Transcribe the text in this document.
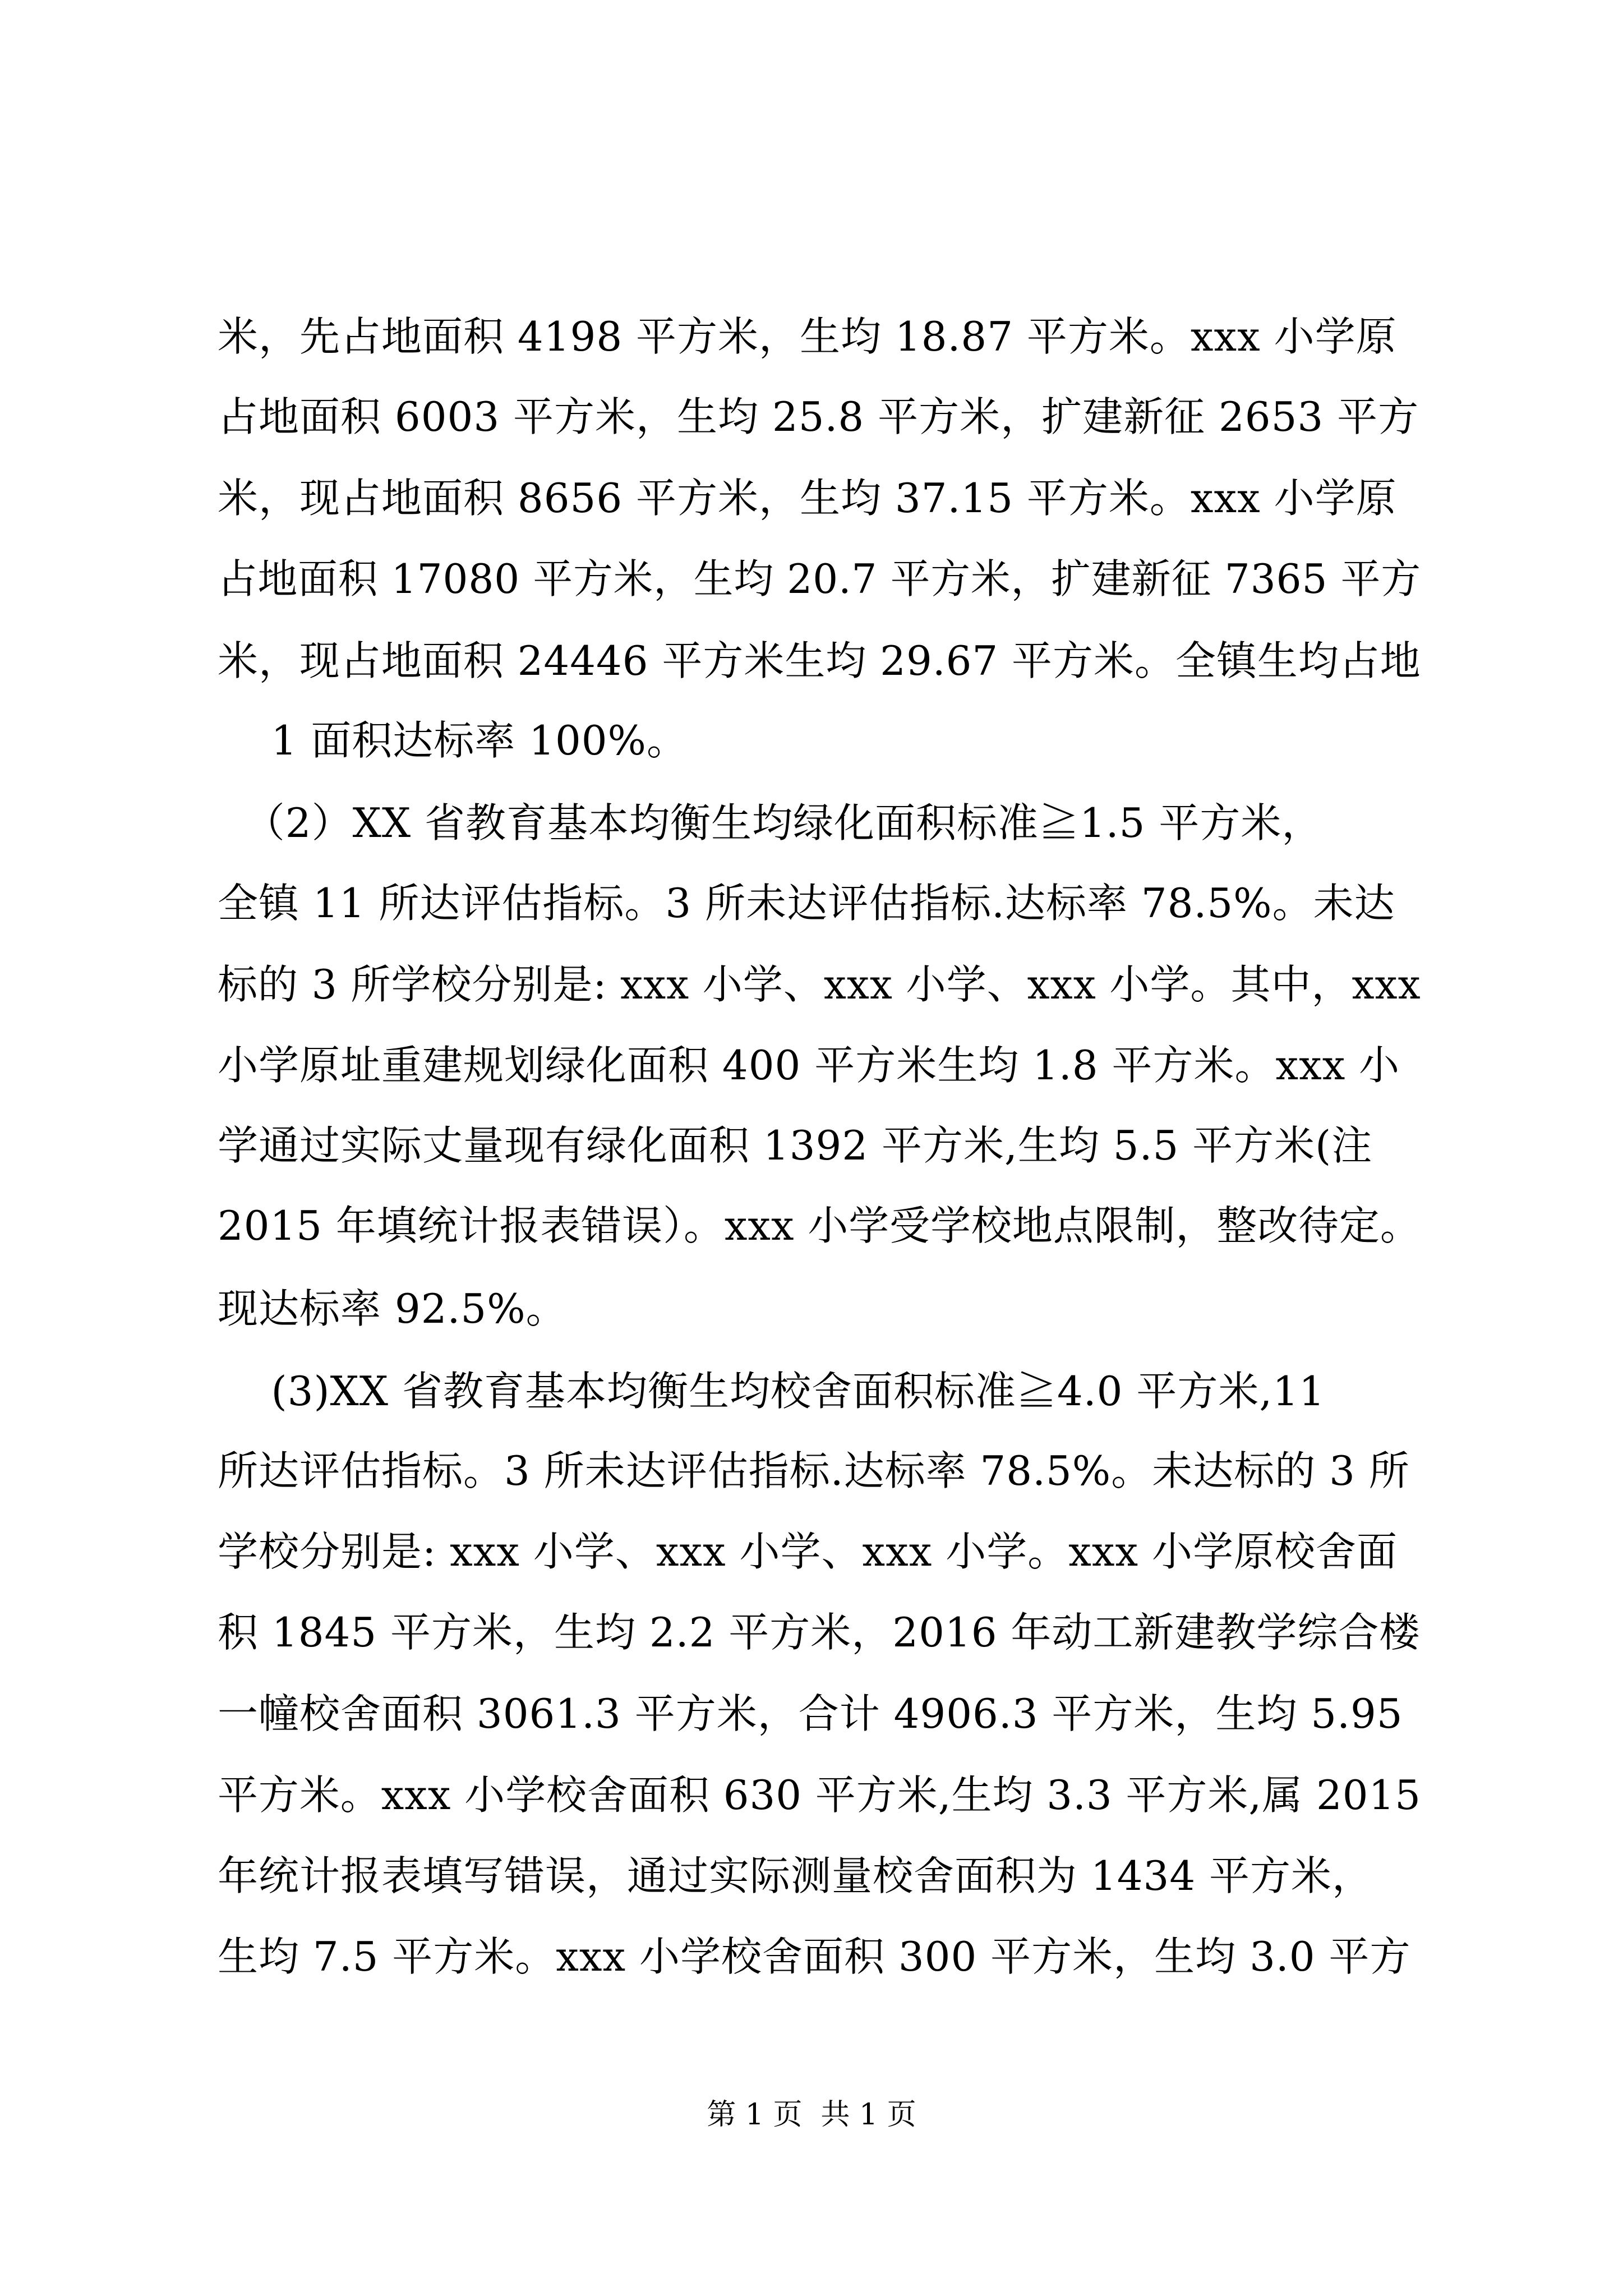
米，先占地面积 4198 平方米，生均 18.87 平方米。xxx 小学原
占地面积 6003 平方米，生均 25.8 平方米，扩建新征 2653 平方
米，现占地面积 8656 平方米，生均 37.15 平方米。xxx 小学原
占地面积 17080 平方米，生均 20.7 平方米，扩建新征 7365 平方
米，现占地面积 24446 平方米生均 29.67 平方米。全镇生均占地
1 面积达标率 100%。
（2）XX 省教育基本均衡生均绿化面积标准≧1.5 平方米，
全镇 11 所达评估指标。3 所未达评估指标.达标率 78.5%。未达
标的 3 所学校分别是: xxx 小学、xxx 小学、xxx 小学。其中，xxx
小学原址重建规划绿化面积 400 平方米生均 1.8 平方米。xxx 小
学通过实际丈量现有绿化面积 1392 平方米,生均 5.5 平方米(注
2015 年填统计报表错误）。xxx 小学受学校地点限制，整改待定。
现达标率 92.5%。
(3)XX 省教育基本均衡生均校舍面积标准≧4.0 平方米,11
所达评估指标。3 所未达评估指标.达标率 78.5%。未达标的 3 所
学校分别是: xxx 小学、xxx 小学、xxx 小学。xxx 小学原校舍面
积 1845 平方米，生均 2.2 平方米，2016 年动工新建教学综合楼
一幢校舍面积 3061.3 平方米，合计 4906.3 平方米，生均 5.95
平方米。xxx 小学校舍面积 630 平方米,生均 3.3 平方米,属 2015
年统计报表填写错误，通过实际测量校舍面积为 1434 平方米，
生均 7.5 平方米。xxx 小学校舍面积 300 平方米，生均 3.0 平方
第 1 页  共 1 页
